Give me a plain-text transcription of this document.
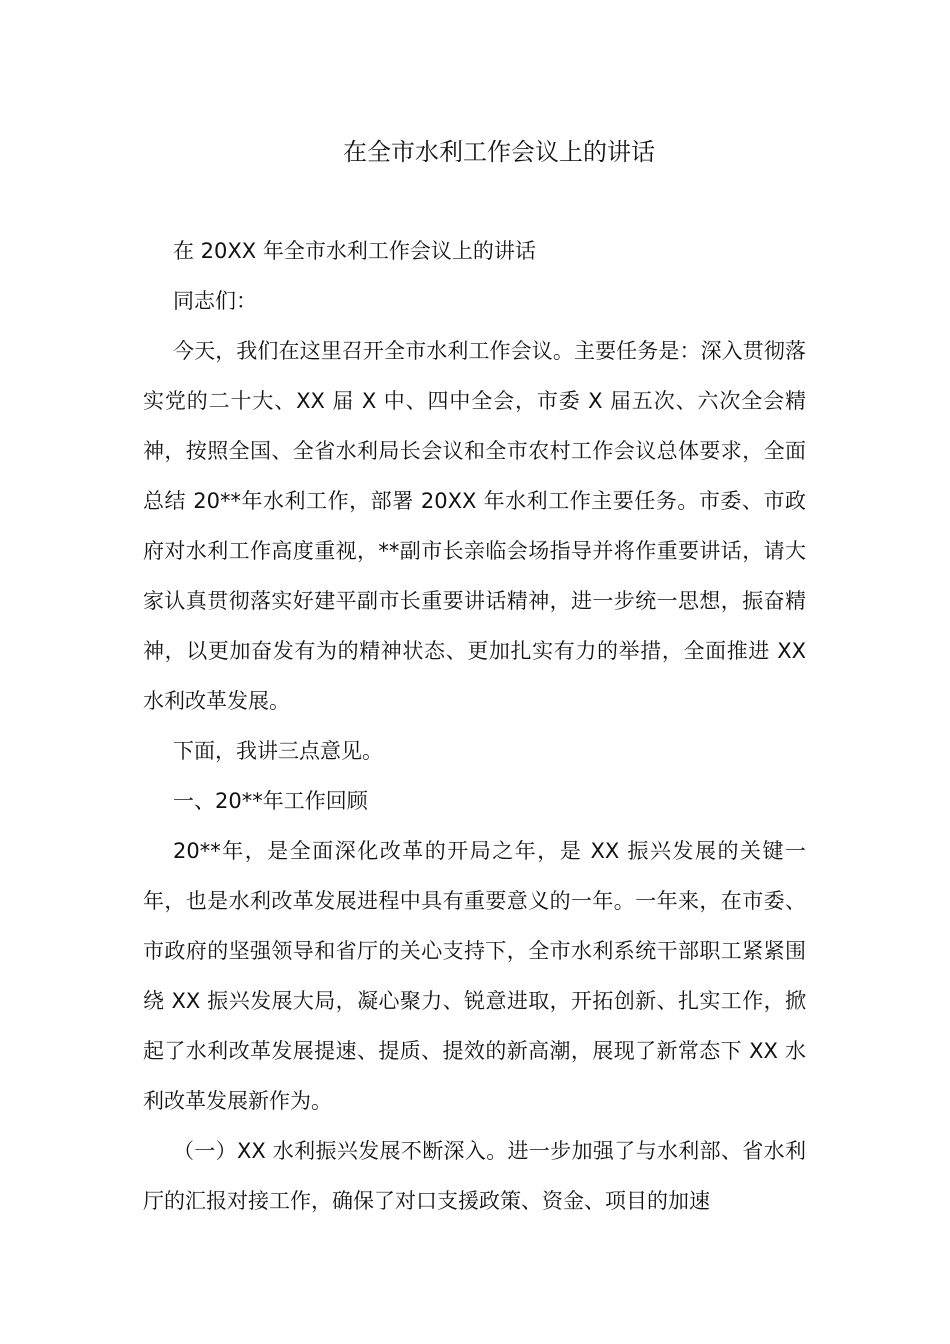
在全市水利工作会议上的讲话

在 20XX 年全市水利工作会议上的讲话

同志们：

今天，我们在这里召开全市水利工作会议。主要任务是：深入贯彻落实党的二十大、XX 届 X 中、四中全会，市委 X 届五次、六次全会精神，按照全国、全省水利局长会议和全市农村工作会议总体要求，全面总结 20**年水利工作，部署 20XX 年水利工作主要任务。市委、市政府对水利工作高度重视，**副市长亲临会场指导并将作重要讲话，请大家认真贯彻落实好建平副市长重要讲话精神，进一步统一思想，振奋精神，以更加奋发有为的精神状态、更加扎实有力的举措，全面推进 XX 水利改革发展。

下面，我讲三点意见。

一、20**年工作回顾

20**年，是全面深化改革的开局之年，是 XX 振兴发展的关键一年，也是水利改革发展进程中具有重要意义的一年。一年来，在市委、市政府的坚强领导和省厅的关心支持下，全市水利系统干部职工紧紧围绕 XX 振兴发展大局，凝心聚力、锐意进取，开拓创新、扎实工作，掀起了水利改革发展提速、提质、提效的新高潮，展现了新常态下 XX 水利改革发展新作为。

（一）XX 水利振兴发展不断深入。进一步加强了与水利部、省水利厅的汇报对接工作，确保了对口支援政策、资金、项目的加速
